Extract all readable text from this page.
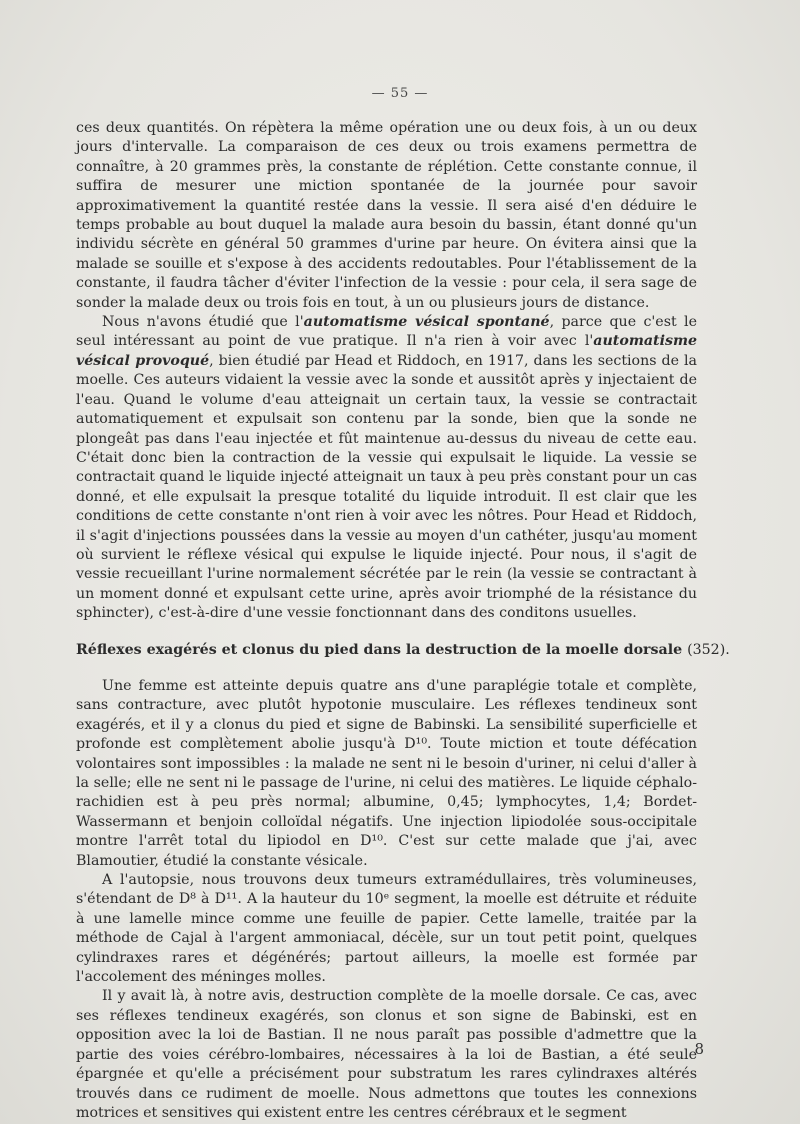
— 55 —

ces deux quantités. On répètera la même opération une ou deux fois, à un ou deux jours d'intervalle. La comparaison de ces deux ou trois examens permettra de connaître, à 20 grammes près, la constante de réplétion. Cette constante connue, il suffira de mesurer une miction spontanée de la journée pour savoir approximativement la quantité restée dans la vessie. Il sera aisé d'en déduire le temps probable au bout duquel la malade aura besoin du bassin, étant donné qu'un individu sécrète en général 50 grammes d'urine par heure. On évitera ainsi que la malade se souille et s'expose à des accidents redoutables. Pour l'établissement de la constante, il faudra tâcher d'éviter l'infection de la vessie : pour cela, il sera sage de sonder la malade deux ou trois fois en tout, à un ou plusieurs jours de distance.

Nous n'avons étudié que l'automatisme vésical spontané, parce que c'est le seul intéressant au point de vue pratique. Il n'a rien à voir avec l'automatisme vésical provoqué, bien étudié par Head et Riddoch, en 1917, dans les sections de la moelle. Ces auteurs vidaient la vessie avec la sonde et aussitôt après y injectaient de l'eau. Quand le volume d'eau atteignait un certain taux, la vessie se contractait automatiquement et expulsait son contenu par la sonde, bien que la sonde ne plongeât pas dans l'eau injectée et fût maintenue au-dessus du niveau de cette eau. C'était donc bien la contraction de la vessie qui expulsait le liquide. La vessie se contractait quand le liquide injecté atteignait un taux à peu près constant pour un cas donné, et elle expulsait la presque totalité du liquide introduit. Il est clair que les conditions de cette constante n'ont rien à voir avec les nôtres. Pour Head et Riddoch, il s'agit d'injections poussées dans la vessie au moyen d'un cathéter, jusqu'au moment où survient le réflexe vésical qui expulse le liquide injecté. Pour nous, il s'agit de vessie recueillant l'urine normalement sécrétée par le rein (la vessie se contractant à un moment donné et expulsant cette urine, après avoir triomphé de la résistance du sphincter), c'est-à-dire d'une vessie fonctionnant dans des conditons usuelles.

Réflexes exagérés et clonus du pied dans la destruction de la moelle dorsale (352).

Une femme est atteinte depuis quatre ans d'une paraplégie totale et complète, sans contracture, avec plutôt hypotonie musculaire. Les réflexes tendineux sont exagérés, et il y a clonus du pied et signe de Babinski. La sensibilité superficielle et profonde est complètement abolie jusqu'à D¹⁰. Toute miction et toute défécation volontaires sont impossibles : la malade ne sent ni le besoin d'uriner, ni celui d'aller à la selle; elle ne sent ni le passage de l'urine, ni celui des matières. Le liquide céphalo-rachidien est à peu près normal; albumine, 0,45; lymphocytes, 1,4; Bordet-Wassermann et benjoin colloïdal négatifs. Une injection lipiodolée sous-occipitale montre l'arrêt total du lipiodol en D¹⁰. C'est sur cette malade que j'ai, avec Blamoutier, étudié la constante vésicale.

A l'autopsie, nous trouvons deux tumeurs extramédullaires, très volumineuses, s'étendant de D⁸ à D¹¹. A la hauteur du 10ᵉ segment, la moelle est détruite et réduite à une lamelle mince comme une feuille de papier. Cette lamelle, traitée par la méthode de Cajal à l'argent ammoniacal, décèle, sur un tout petit point, quelques cylindraxes rares et dégénérés; partout ailleurs, la moelle est formée par l'accolement des méninges molles.

Il y avait là, à notre avis, destruction complète de la moelle dorsale. Ce cas, avec ses réflexes tendineux exagérés, son clonus et son signe de Babinski, est en opposition avec la loi de Bastian. Il ne nous paraît pas possible d'admettre que la partie des voies cérébro-lombaires, nécessaires à la loi de Bastian, a été seule épargnée et qu'elle a précisément pour substratum les rares cylindraxes altérés trouvés dans ce rudiment de moelle. Nous admettons que toutes les connexions motrices et sensitives qui existent entre les centres cérébraux et le segment

8
